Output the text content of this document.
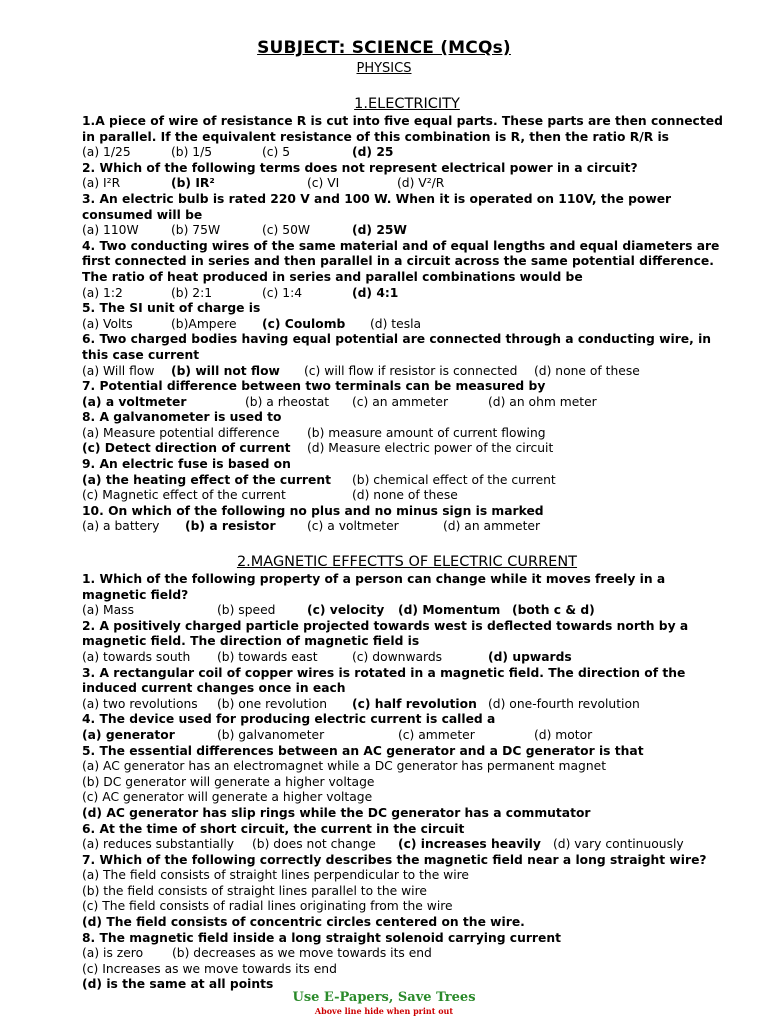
SUBJECT: SCIENCE (MCQs)
PHYSICS
1.ELECTRICITY
1.A piece of wire of resistance R is cut into five equal parts. These parts are then connected in parallel. If the equivalent resistance of this combination is R, then the ratio R/R is
(a) 1/25	(b) 1/5	(c) 5	(d) 25
2. Which of the following terms does not represent electrical power in a circuit?
(a) I²R	(b) IR²	(c) VI	(d) V²/R
3. An electric bulb is rated 220 V and 100 W. When it is operated on 110V, the power consumed will be
(a) 110W	(b) 75W	(c) 50W	(d) 25W
4. Two conducting wires of the same material and of equal lengths and equal diameters are first connected in series and then parallel in a circuit across the same potential difference. The ratio of heat produced in series and parallel combinations would be
(a) 1:2	(b) 2:1	(c) 1:4	(d) 4:1
5. The SI unit of charge is
(a) Volts	(b)Ampere (c) Coulomb (d) tesla
6. Two charged bodies having equal potential are connected through a conducting wire, in this case current
(a) Will flow (b) will not flow (c) will flow if resistor is connected (d) none of these
7. Potential difference between two terminals can be measured by
(a) a voltmeter	(b) a rheostat (c) an ammeter	(d) an ohm meter
8. A galvanometer is used to
(a) Measure potential difference (b) measure amount of current flowing
(c) Detect direction of current (d) Measure electric power of the circuit
9. An electric fuse is based on
(a) the heating effect of the current (b) chemical effect of the current
(c) Magnetic effect of the current	(d) none of these
10. On which of the following no plus and no minus sign is marked
(a) a battery (b) a resistor	(c) a voltmeter	(d) an ammeter
2.MAGNETIC EFFECTTS OF ELECTRIC CURRENT
1. Which of the following property of a person can change while it moves freely in a magnetic field?
(a) Mass	(b) speed	(c) velocity (d) Momentum (both c & d)
2. A positively charged particle projected towards west is deflected towards north by a magnetic field. The direction of magnetic field is
(a) towards south (b) towards east	(c) downwards	(d) upwards
3. A rectangular coil of copper wires is rotated in a magnetic field. The direction of the induced current changes once in each
(a) two revolutions (b) one revolution (c) half revolution (d) one-fourth revolution
4. The device used for producing electric current is called a
(a) generator	(b) galvanometer	(c) ammeter	(d) motor
5. The essential differences between an AC generator and a DC generator is that
(a) AC generator has an electromagnet while a DC generator has permanent magnet
(b) DC generator will generate a higher voltage
(c) AC generator will generate a higher voltage
(d) AC generator has slip rings while the DC generator has a commutator
6. At the time of short circuit, the current in the circuit
(a) reduces substantially (b) does not change (c) increases heavily (d) vary continuously
7. Which of the following correctly describes the magnetic field near a long straight wire?
(a) The field consists of straight lines perpendicular to the wire
(b) the field consists of straight lines parallel to the wire
(c) The field consists of radial lines originating from the wire
(d) The field consists of concentric circles centered on the wire.
8. The magnetic field inside a long straight solenoid carrying current
(a) is zero (b) decreases as we move towards its end
(c) Increases as we move towards its end
(d) is the same at all points
Use E-Papers, Save Trees
Above line hide when print out
